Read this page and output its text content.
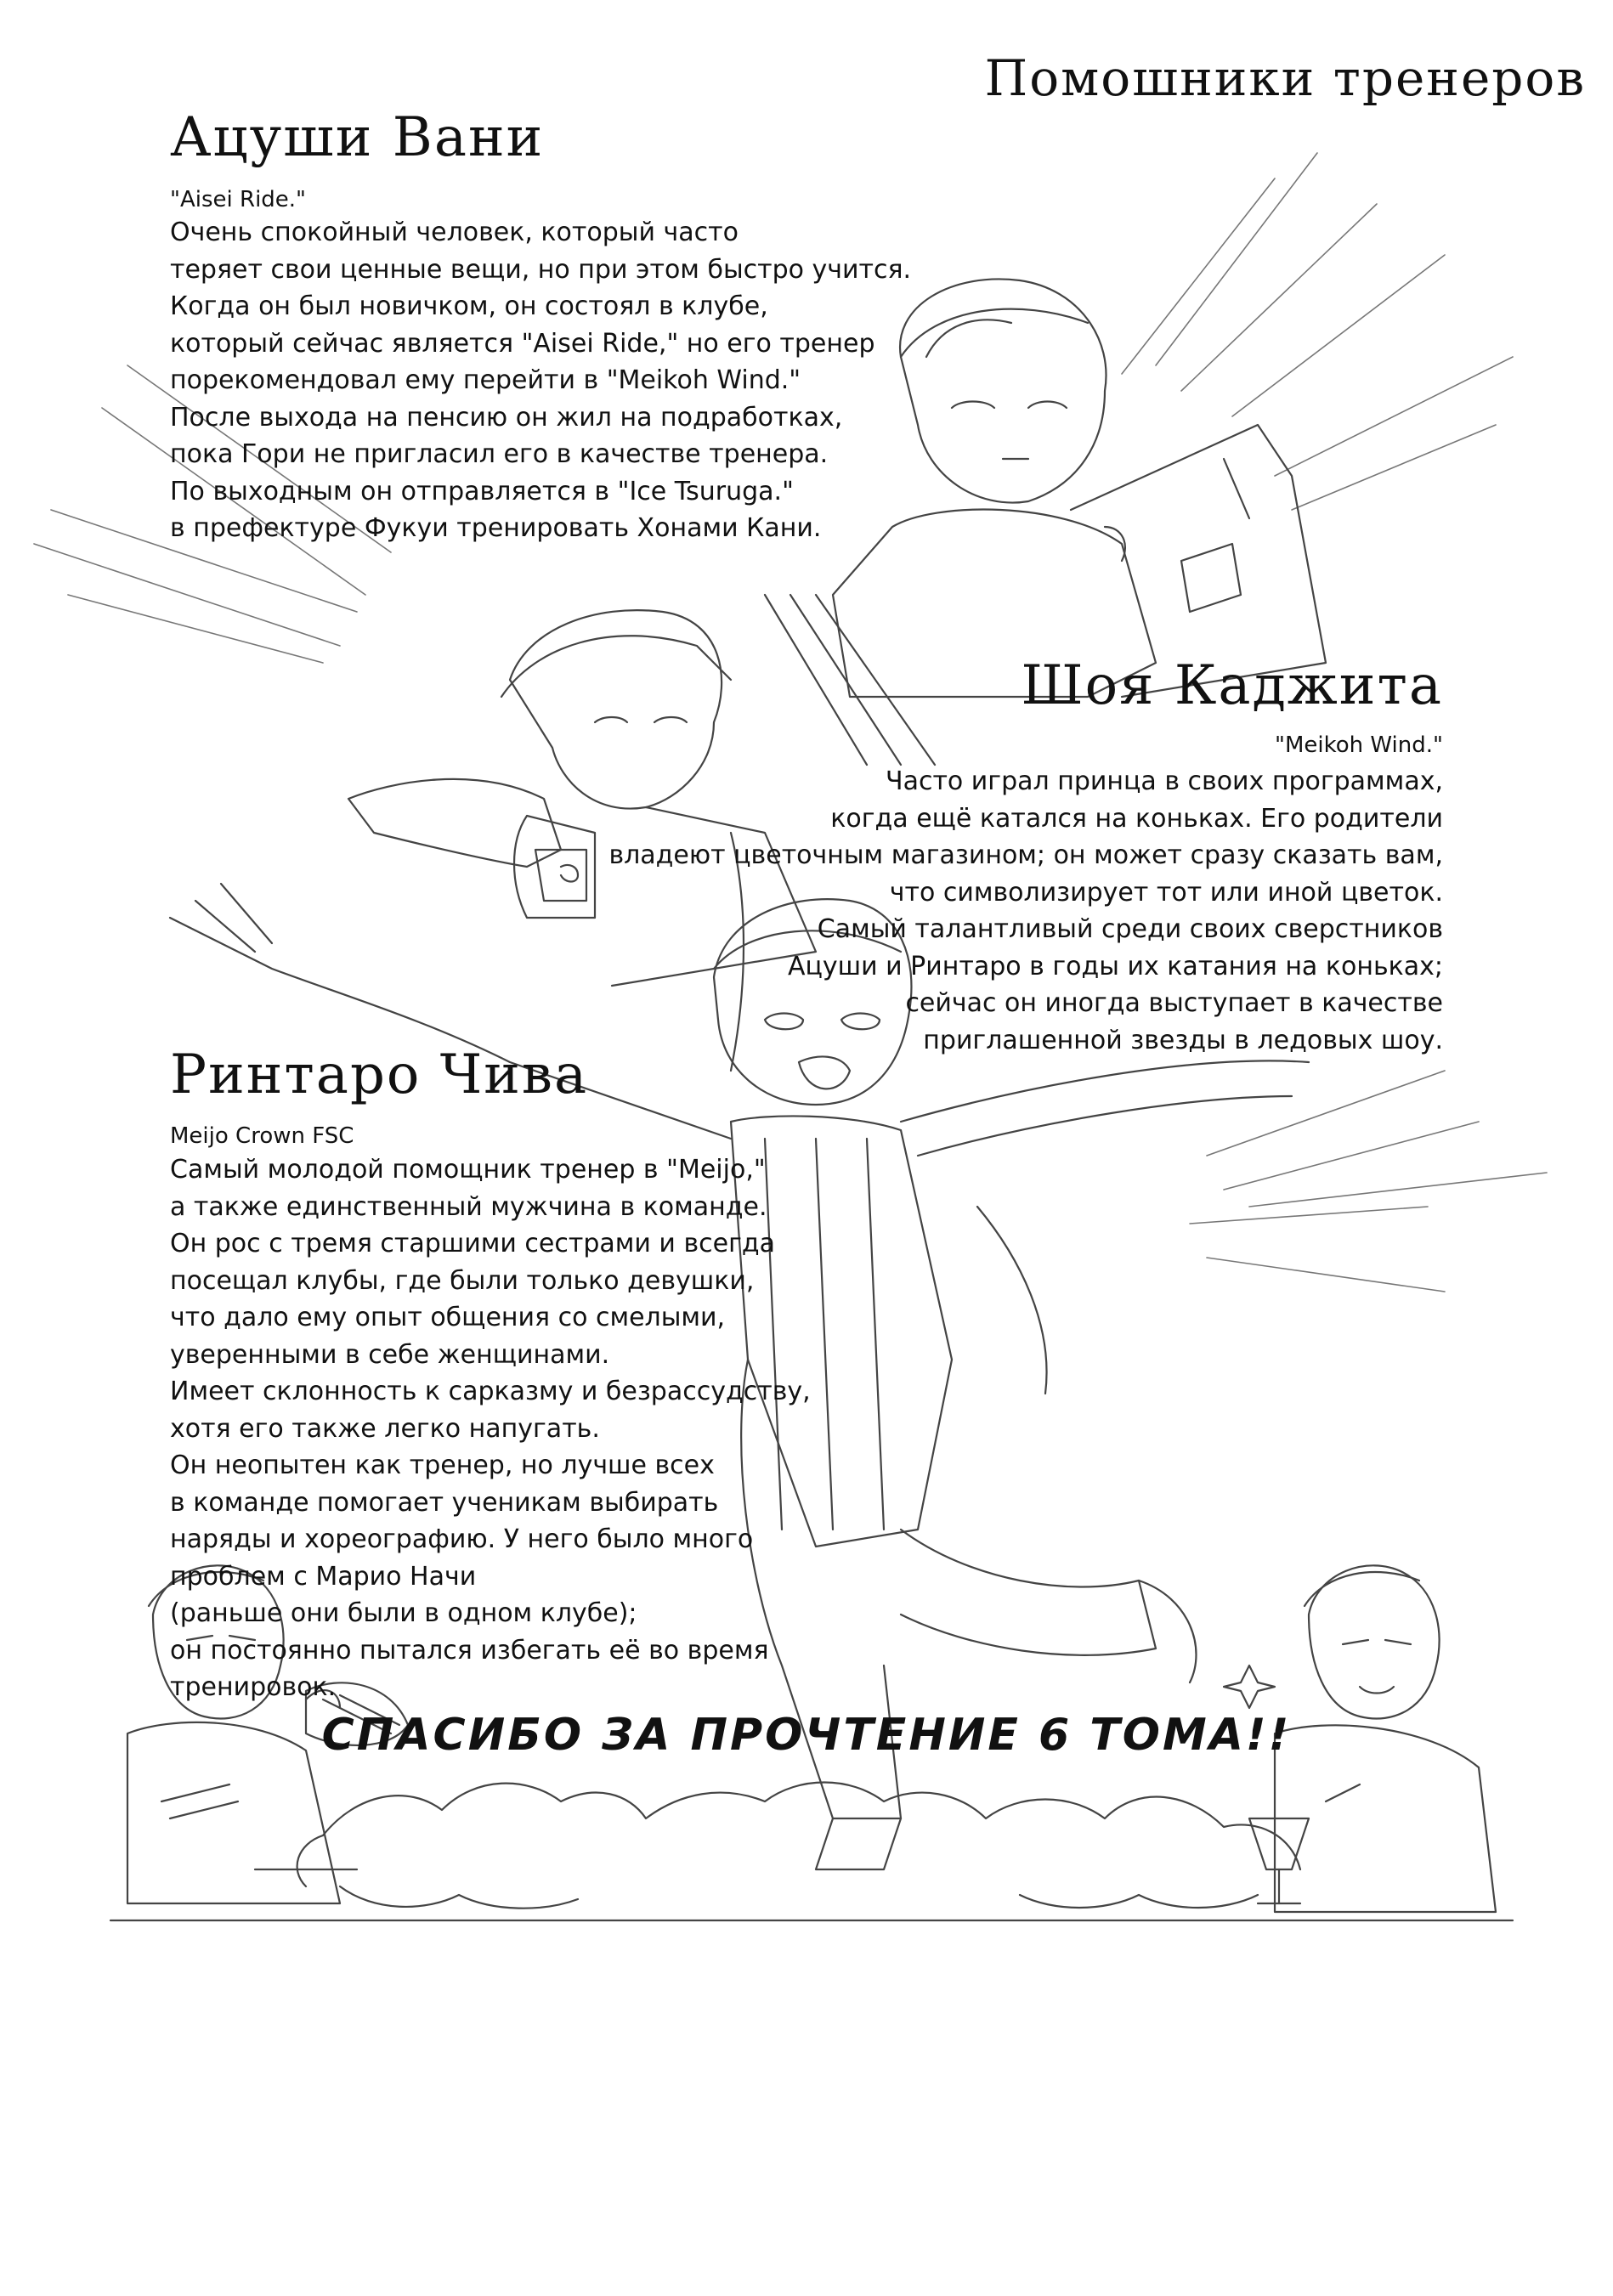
Помошники тренеров
Ацуши Вани
"Aisei Ride."
Очень спокойный человек, который часто
теряет свои ценные вещи, но при этом быстро учится.
Когда он был новичком, он состоял в клубе,
который сейчас является "Aisei Ride," но его тренер
порекомендовал ему перейти в "Meikoh Wind."
После выхода на пенсию он жил на подработках,
пока Гори не пригласил его в качестве тренера.
По выходным он отправляется в "Ice Tsuruga."
в префектуре Фукуи тренировать Хонами Кани.
Шоя Каджита
"Meikoh Wind."
Часто играл принца в своих программах,
когда ещё катался на коньках. Его родители
владеют цветочным магазином; он может сразу сказать вам,
что символизирует тот или иной цветок.
Самый талантливый среди своих сверстников
Ацуши и Ринтаро в годы их катания на коньках;
сейчас он иногда выступает в качестве
приглашенной звезды в ледовых шоу.
Ринтаро Чива
Meijo Crown FSC
Самый молодой помощник тренер в "Meijo,"
а также единственный мужчина в команде.
Он рос с тремя старшими сестрами и всегда
посещал клубы, где были только девушки,
что дало ему опыт общения со смелыми,
уверенными в себе женщинами.
Имеет склонность к сарказму и безрассудству,
хотя его также легко напугать.
Он неопытен как тренер, но лучше всех
в команде помогает ученикам выбирать
наряды и хореографию. У него было много
проблем с Марио Начи
(раньше они были в одном клубе);
он постоянно пытался избегать её во время
тренировок.
СПАСИБО ЗА ПРОЧТЕНИЕ 6 ТОМА!!
